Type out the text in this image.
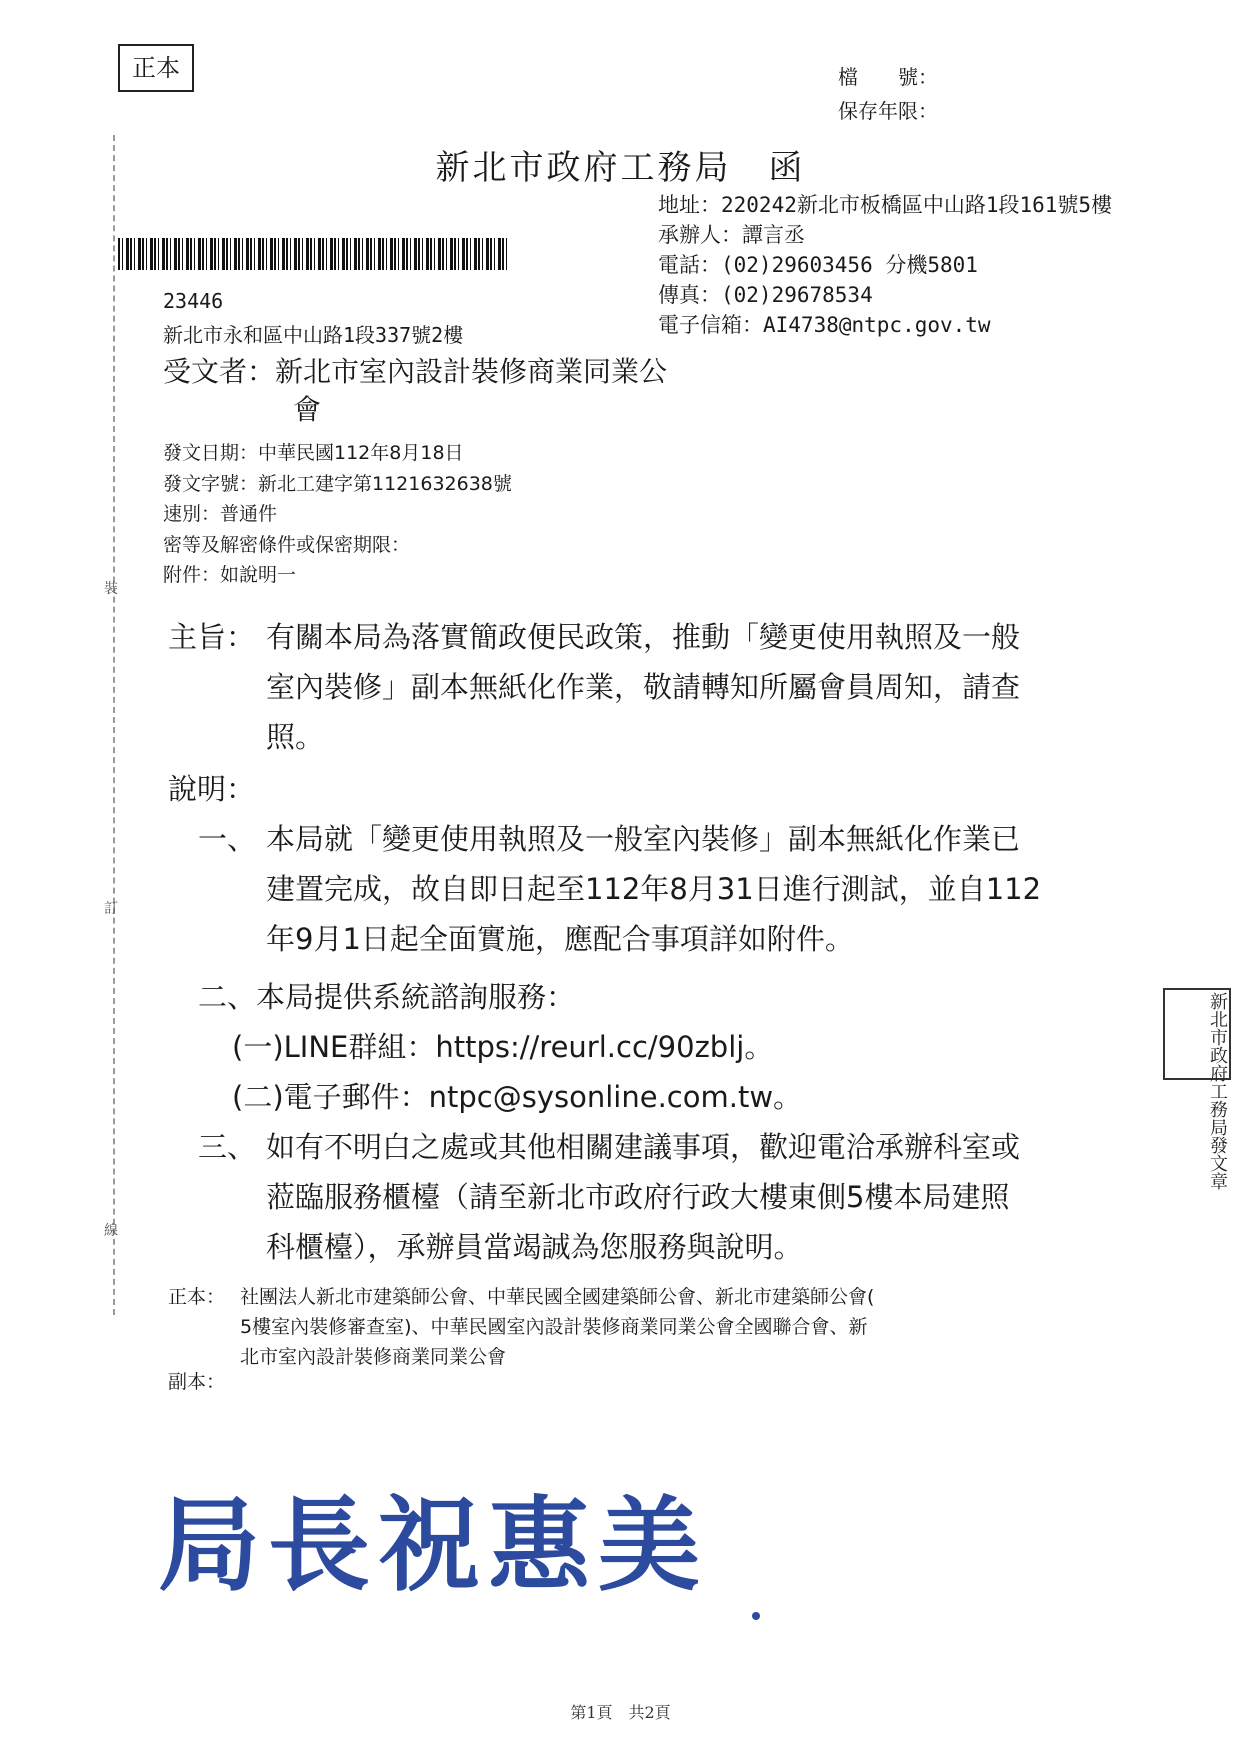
正本	檔　　號：
保存年限：
裝
訂
線
新北市政府工務局　函
地址：220242新北市板橋區中山路1段161號5樓
承辦人：譚言丞
電話：(02)29603456 分機5801
傳真：(02)29678534
電子信箱：AI4738@ntpc.gov.tw
23446
新北市永和區中山路1段337號2樓
受文者：新北市室內設計裝修商業同業公
會
發文日期：中華民國112年8月18日
發文字號：新北工建字第1121632638號
速別：普通件
密等及解密條件或保密期限：
附件：如說明一
主旨： 有關本局為落實簡政便民政策，推動「變更使用執照及一般
室內裝修」副本無紙化作業，敬請轉知所屬會員周知，請查
照。
說明：
一、 本局就「變更使用執照及一般室內裝修」副本無紙化作業已
建置完成，故自即日起至112年8月31日進行測試，並自112
年9月1日起全面實施，應配合事項詳如附件。
二、本局提供系統諮詢服務：
(一)LINE群組：https://reurl.cc/90zblj。
(二)電子郵件：ntpc@sysonline.com.tw。
三、 如有不明白之處或其他相關建議事項，歡迎電洽承辦科室或
蒞臨服務櫃檯（請至新北市政府行政大樓東側5樓本局建照
科櫃檯），承辦員當竭誠為您服務與說明。
正本： 社團法人新北市建築師公會、中華民國全國建築師公會、新北市建築師公會(
5樓室內裝修審查室)、中華民國室內設計裝修商業同業公會全國聯合會、新
北市室內設計裝修商業同業公會
副本：
局長祝惠美
新北市政府工務局發文章
第1頁　共2頁
